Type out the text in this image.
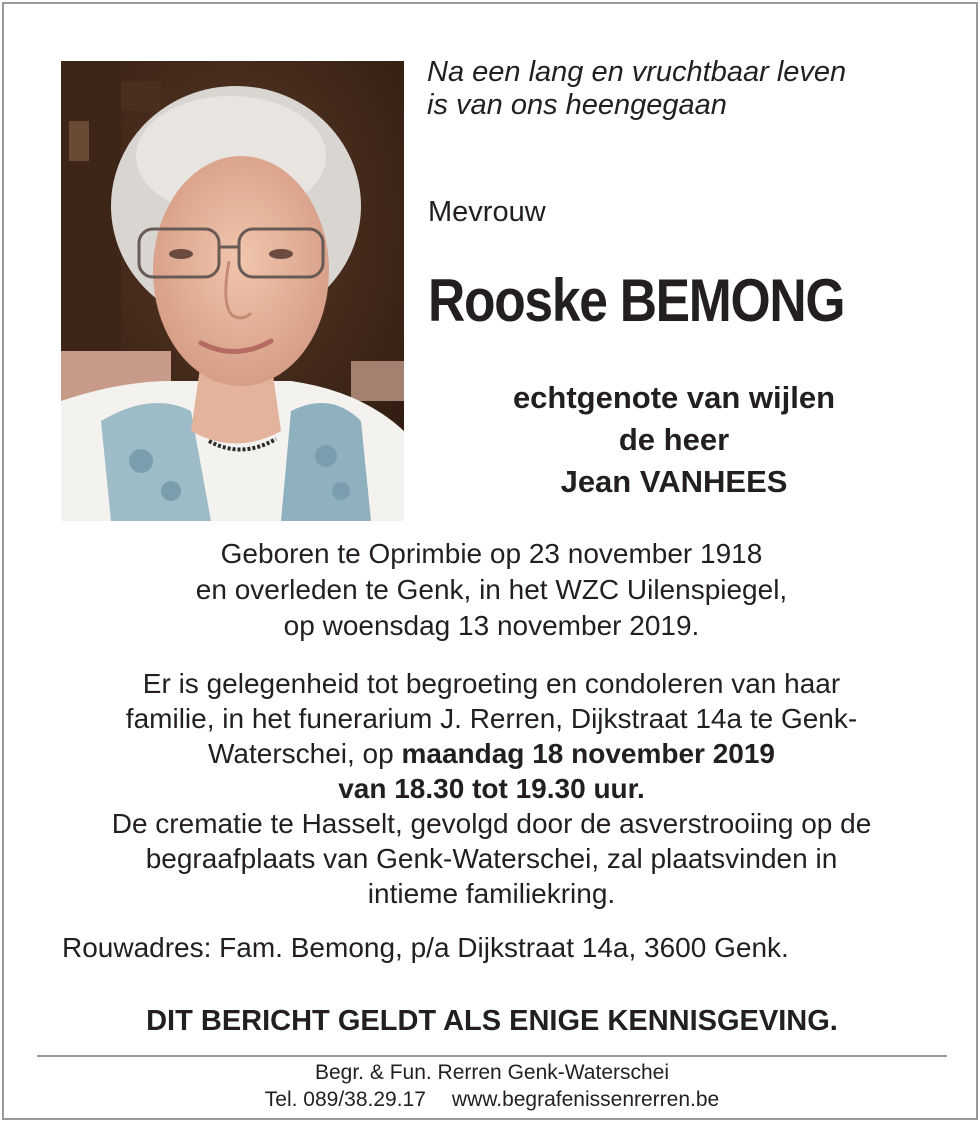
Na een lang en vruchtbaar leven
is van ons heengegaan
Mevrouw
Rooske BEMONG
echtgenote van wijlen
de heer
Jean VANHEES
Geboren te Oprimbie op 23 november 1918
en overleden te Genk, in het WZC Uilenspiegel,
op woensdag 13 november 2019.
Er is gelegenheid tot begroeting en condoleren van haar
familie, in het funerarium J. Rerren, Dijkstraat 14a te Genk-
Waterschei, op maandag 18 november 2019
van 18.30 tot 19.30 uur.
De crematie te Hasselt, gevolgd door de asverstrooiing op de
begraafplaats van Genk-Waterschei, zal plaatsvinden in
intieme familiekring.
Rouwadres: Fam. Bemong, p/a Dijkstraat 14a, 3600 Genk.
DIT BERICHT GELDT ALS ENIGE KENNISGEVING.
Begr. & Fun. Rerren Genk-Waterschei
Tel. 089/38.29.17 www.begrafenissenrerren.be
